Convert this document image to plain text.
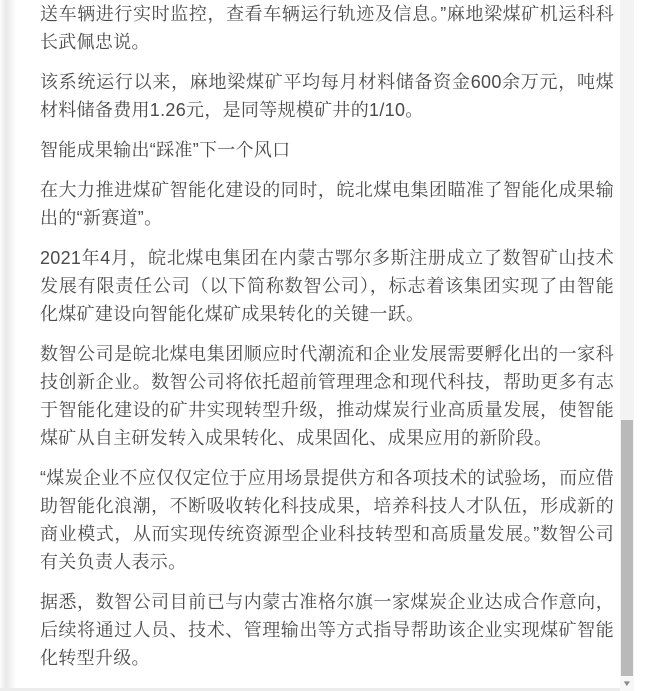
送车辆进行实时监控，查看车辆运行轨迹及信息。”麻地梁煤矿机运科科长武佩忠说。

该系统运行以来，麻地梁煤矿平均每月材料储备资金600余万元，吨煤材料储备费用1.26元，是同等规模矿井的1/10。

智能成果输出“踩准”下一个风口

在大力推进煤矿智能化建设的同时，皖北煤电集团瞄准了智能化成果输出的“新赛道”。

2021年4月，皖北煤电集团在内蒙古鄂尔多斯注册成立了数智矿山技术发展有限责任公司（以下简称数智公司），标志着该集团实现了由智能化煤矿建设向智能化煤矿成果转化的关键一跃。

数智公司是皖北煤电集团顺应时代潮流和企业发展需要孵化出的一家科技创新企业。数智公司将依托超前管理理念和现代科技，帮助更多有志于智能化建设的矿井实现转型升级，推动煤炭行业高质量发展，使智能煤矿从自主研发转入成果转化、成果固化、成果应用的新阶段。

“煤炭企业不应仅仅定位于应用场景提供方和各项技术的试验场，而应借助智能化浪潮，不断吸收转化科技成果，培养科技人才队伍，形成新的商业模式，从而实现传统资源型企业科技转型和高质量发展。”数智公司有关负责人表示。

据悉，数智公司目前已与内蒙古准格尔旗一家煤炭企业达成合作意向，后续将通过人员、技术、管理输出等方式指导帮助该企业实现煤矿智能化转型升级。

▼
